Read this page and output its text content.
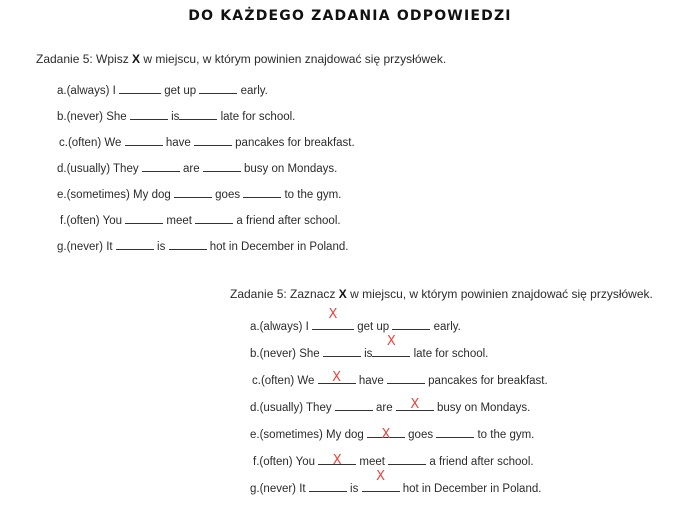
DO KAŻDEGO ZADANIA ODPOWIEDZI
Zadanie 5: Wpisz X w miejscu, w którym powinien znajdować się przysłówek.
a.(always) I	get up	early.
b.(never) She	is	late for school.
c.(often) We	have	pancakes for breakfast.
d.(usually) They	are	busy on Mondays.
e.(sometimes) My dog	goes	to the gym.
f.(often) You	meet	a friend after school.
g.(never) It	is	hot in December in Poland.
Zadanie 5: Zaznacz X w miejscu, w którym powinien znajdować się przysłówek.
a.(always) I
X
get up	early.
b.(never) She	is
X
late for school.
c.(often) We X have	pancakes for breakfast.
d.(usually) They	are X busy on Mondays.
e.(sometimes) My dog X goes	to the gym.
f.(often) You X meet	a friend after school.
g.(never) It	is
X
hot in December in Poland.
